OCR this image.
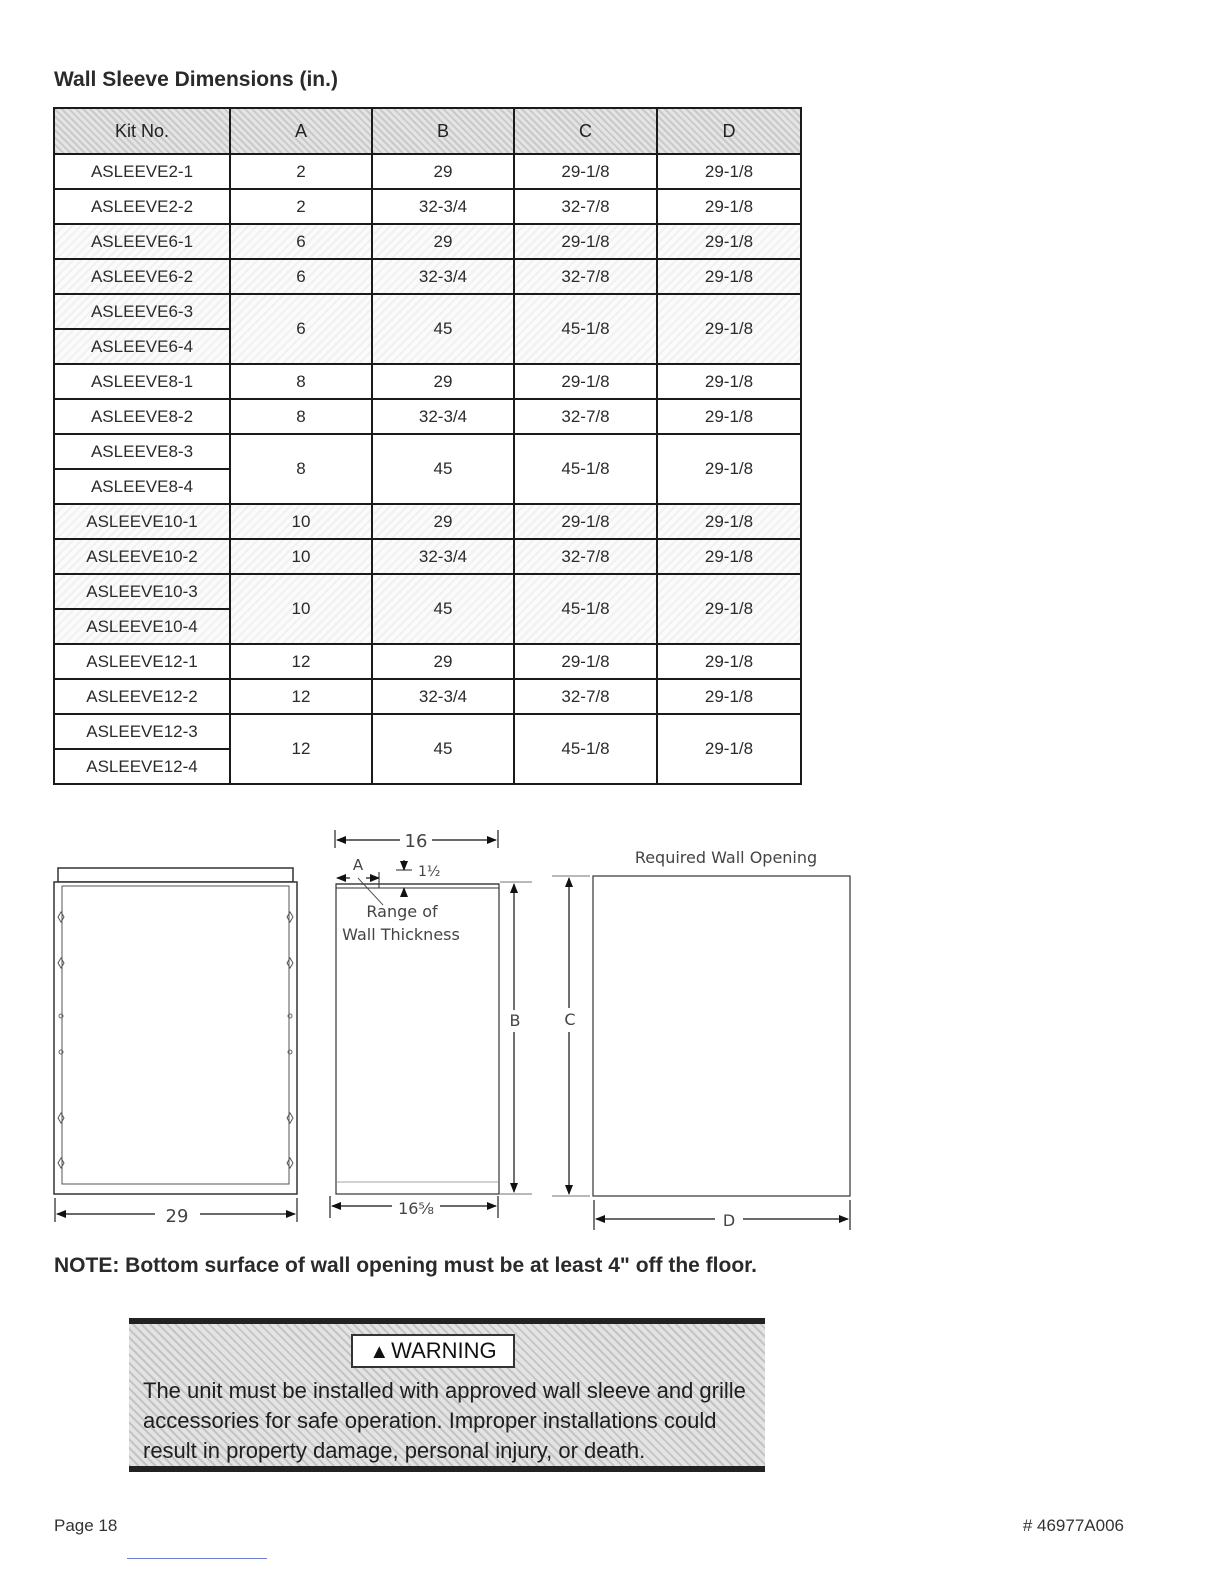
Wall Sleeve Dimensions (in.)
Kit No.	A	B	C	D
ASLEEVE2-1	2	29	29-1/8	29-1/8
ASLEEVE2-2	2	32-3/4	32-7/8	29-1/8
ASLEEVE6-1	6	29	29-1/8	29-1/8
ASLEEVE6-2	6	32-3/4	32-7/8	29-1/8
ASLEEVE6-3	6	45	45-1/8	29-1/8
ASLEEVE6-4				
ASLEEVE8-1	8	29	29-1/8	29-1/8
ASLEEVE8-2	8	32-3/4	32-7/8	29-1/8
ASLEEVE8-3	8	45	45-1/8	29-1/8
ASLEEVE8-4				
ASLEEVE10-1	10	29	29-1/8	29-1/8
ASLEEVE10-2	10	32-3/4	32-7/8	29-1/8
ASLEEVE10-3	10	45	45-1/8	29-1/8
ASLEEVE10-4				
ASLEEVE12-1	12	29	29-1/8	29-1/8
ASLEEVE12-2	12	32-3/4	32-7/8	29-1/8
ASLEEVE12-3	12	45	45-1/8	29-1/8
ASLEEVE12-4				
29
16
A	1½
Range of
Wall Thickness
B
16⅝
Required Wall Opening
C
D

NOTE: Bottom surface of wall opening must be at least 4" off the floor.

▲WARNING

The unit must be installed with approved wall sleeve and grille accessories for safe operation. Improper installations could result in property damage, personal injury, or death.

Page 18	# 46977A006
